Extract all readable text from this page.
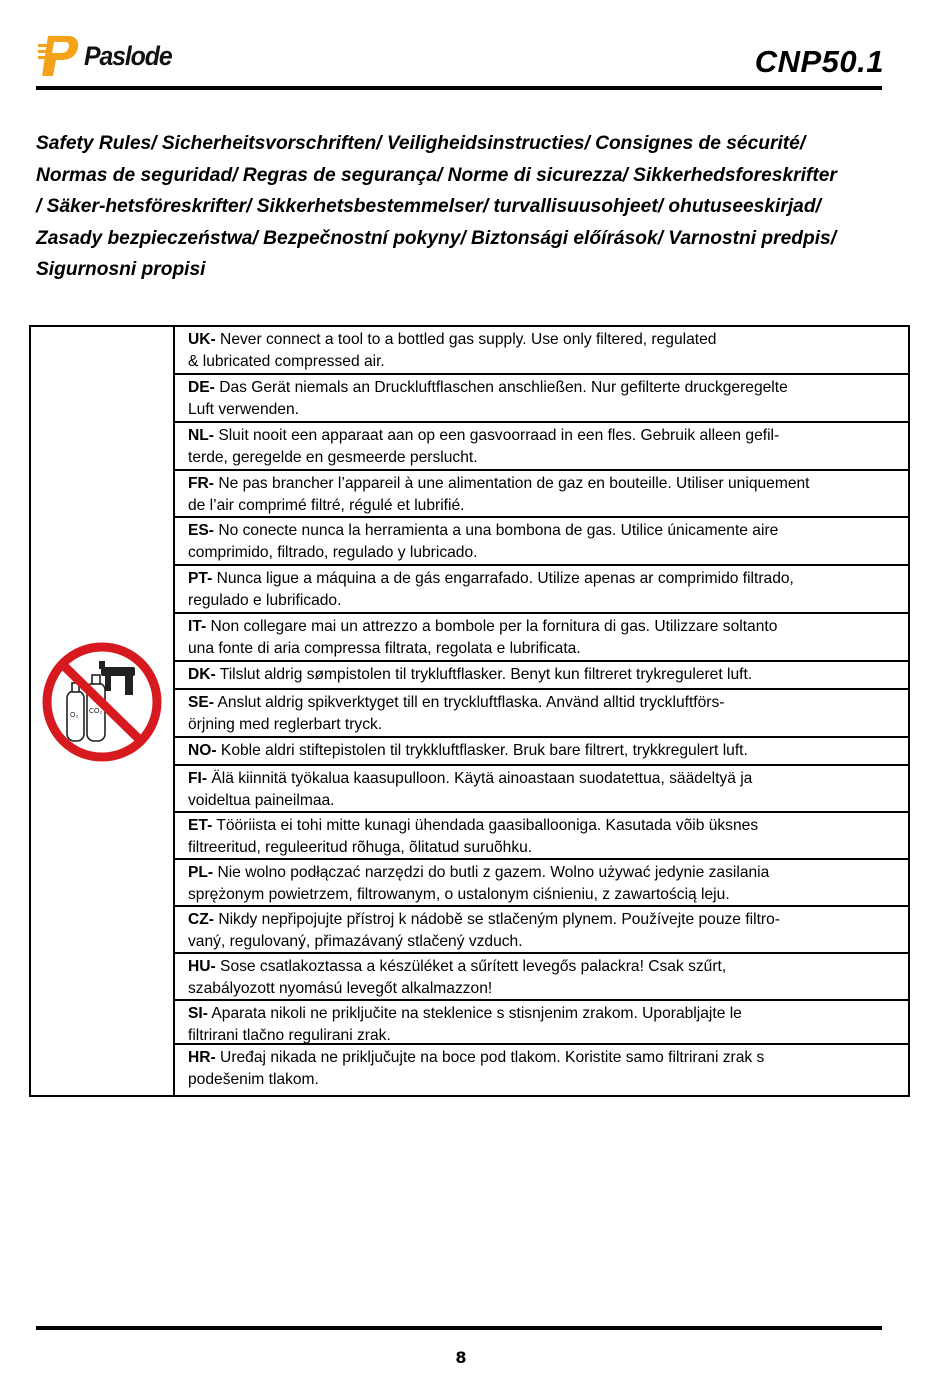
Paslode	CNP50.1
Safety Rules/ Sicherheitsvorschriften/ Veiligheidsinstructies/ Consignes de sécurité/
Normas de seguridad/ Regras de segurança/ Norme di sicurezza/ Sikkerhedsforeskrifter
/ Säker-hetsföreskrifter/ Sikkerhetsbestemmelser/ turvallisuusohjeet/ ohutuseeskirjad/
Zasady bezpieczeństwa/ Bezpečnostní pokyny/ Biztonsági előírások/ Varnostni predpis/
Sigurnosni propisi
O₂
CO₂
UK- Never connect a tool to a bottled gas supply. Use only filtered, regulated
& lubricated compressed air.
DE- Das Gerät niemals an Druckluftflaschen anschließen. Nur gefilterte druckgeregelte
Luft verwenden.
NL- Sluit nooit een apparaat aan op een gasvoorraad in een fles. Gebruik alleen gefil-
terde, geregelde en gesmeerde perslucht.
FR- Ne pas brancher l’appareil à une alimentation de gaz en bouteille. Utiliser uniquement
de l’air comprimé filtré, régulé et lubrifié.
ES- No conecte nunca la herramienta a una bombona de gas. Utilice únicamente aire
comprimido, filtrado, regulado y lubricado.
PT- Nunca ligue a máquina a de gás engarrafado. Utilize apenas ar comprimido filtrado,
regulado e lubrificado.
IT- Non collegare mai un attrezzo a bombole per la fornitura di gas. Utilizzare soltanto
una fonte di aria compressa filtrata, regolata e lubrificata.
DK- Tilslut aldrig sømpistolen til trykluftflasker. Benyt kun filtreret trykreguleret luft.
SE- Anslut aldrig spikverktyget till en tryckluftflaska. Använd alltid tryckluftförs-
örjning med reglerbart tryck.
NO- Koble aldri stiftepistolen til trykkluftflasker. Bruk bare filtrert, trykkregulert luft.
FI- Älä kiinnitä työkalua kaasupulloon. Käytä ainoastaan suodatettua, säädeltyä ja
voideltua paineilmaa.
ET- Tööriista ei tohi mitte kunagi ühendada gaasiballooniga. Kasutada võib üksnes
filtreeritud, reguleeritud rõhuga, õlitatud suruõhku.
PL- Nie wolno podłączać narzędzi do butli z gazem. Wolno używać jedynie zasilania
sprężonym powietrzem, filtrowanym, o ustalonym ciśnieniu, z zawartością leju.
CZ- Nikdy nepřipojujte přístroj k nádobě se stlačeným plynem. Používejte pouze filtro-
vaný, regulovaný, přimazávaný stlačený vzduch.
HU- Sose csatlakoztassa a készüléket a sűrített levegős palackra! Csak szűrt,
szabályozott nyomású levegőt alkalmazzon!
SI- Aparata nikoli ne priključite na steklenice s stisnjenim zrakom. Uporabljajte le
filtrirani tlačno regulirani zrak.
HR- Uređaj nikada ne priključujte na boce pod tlakom. Koristite samo filtrirani zrak s
podešenim tlakom.
8
